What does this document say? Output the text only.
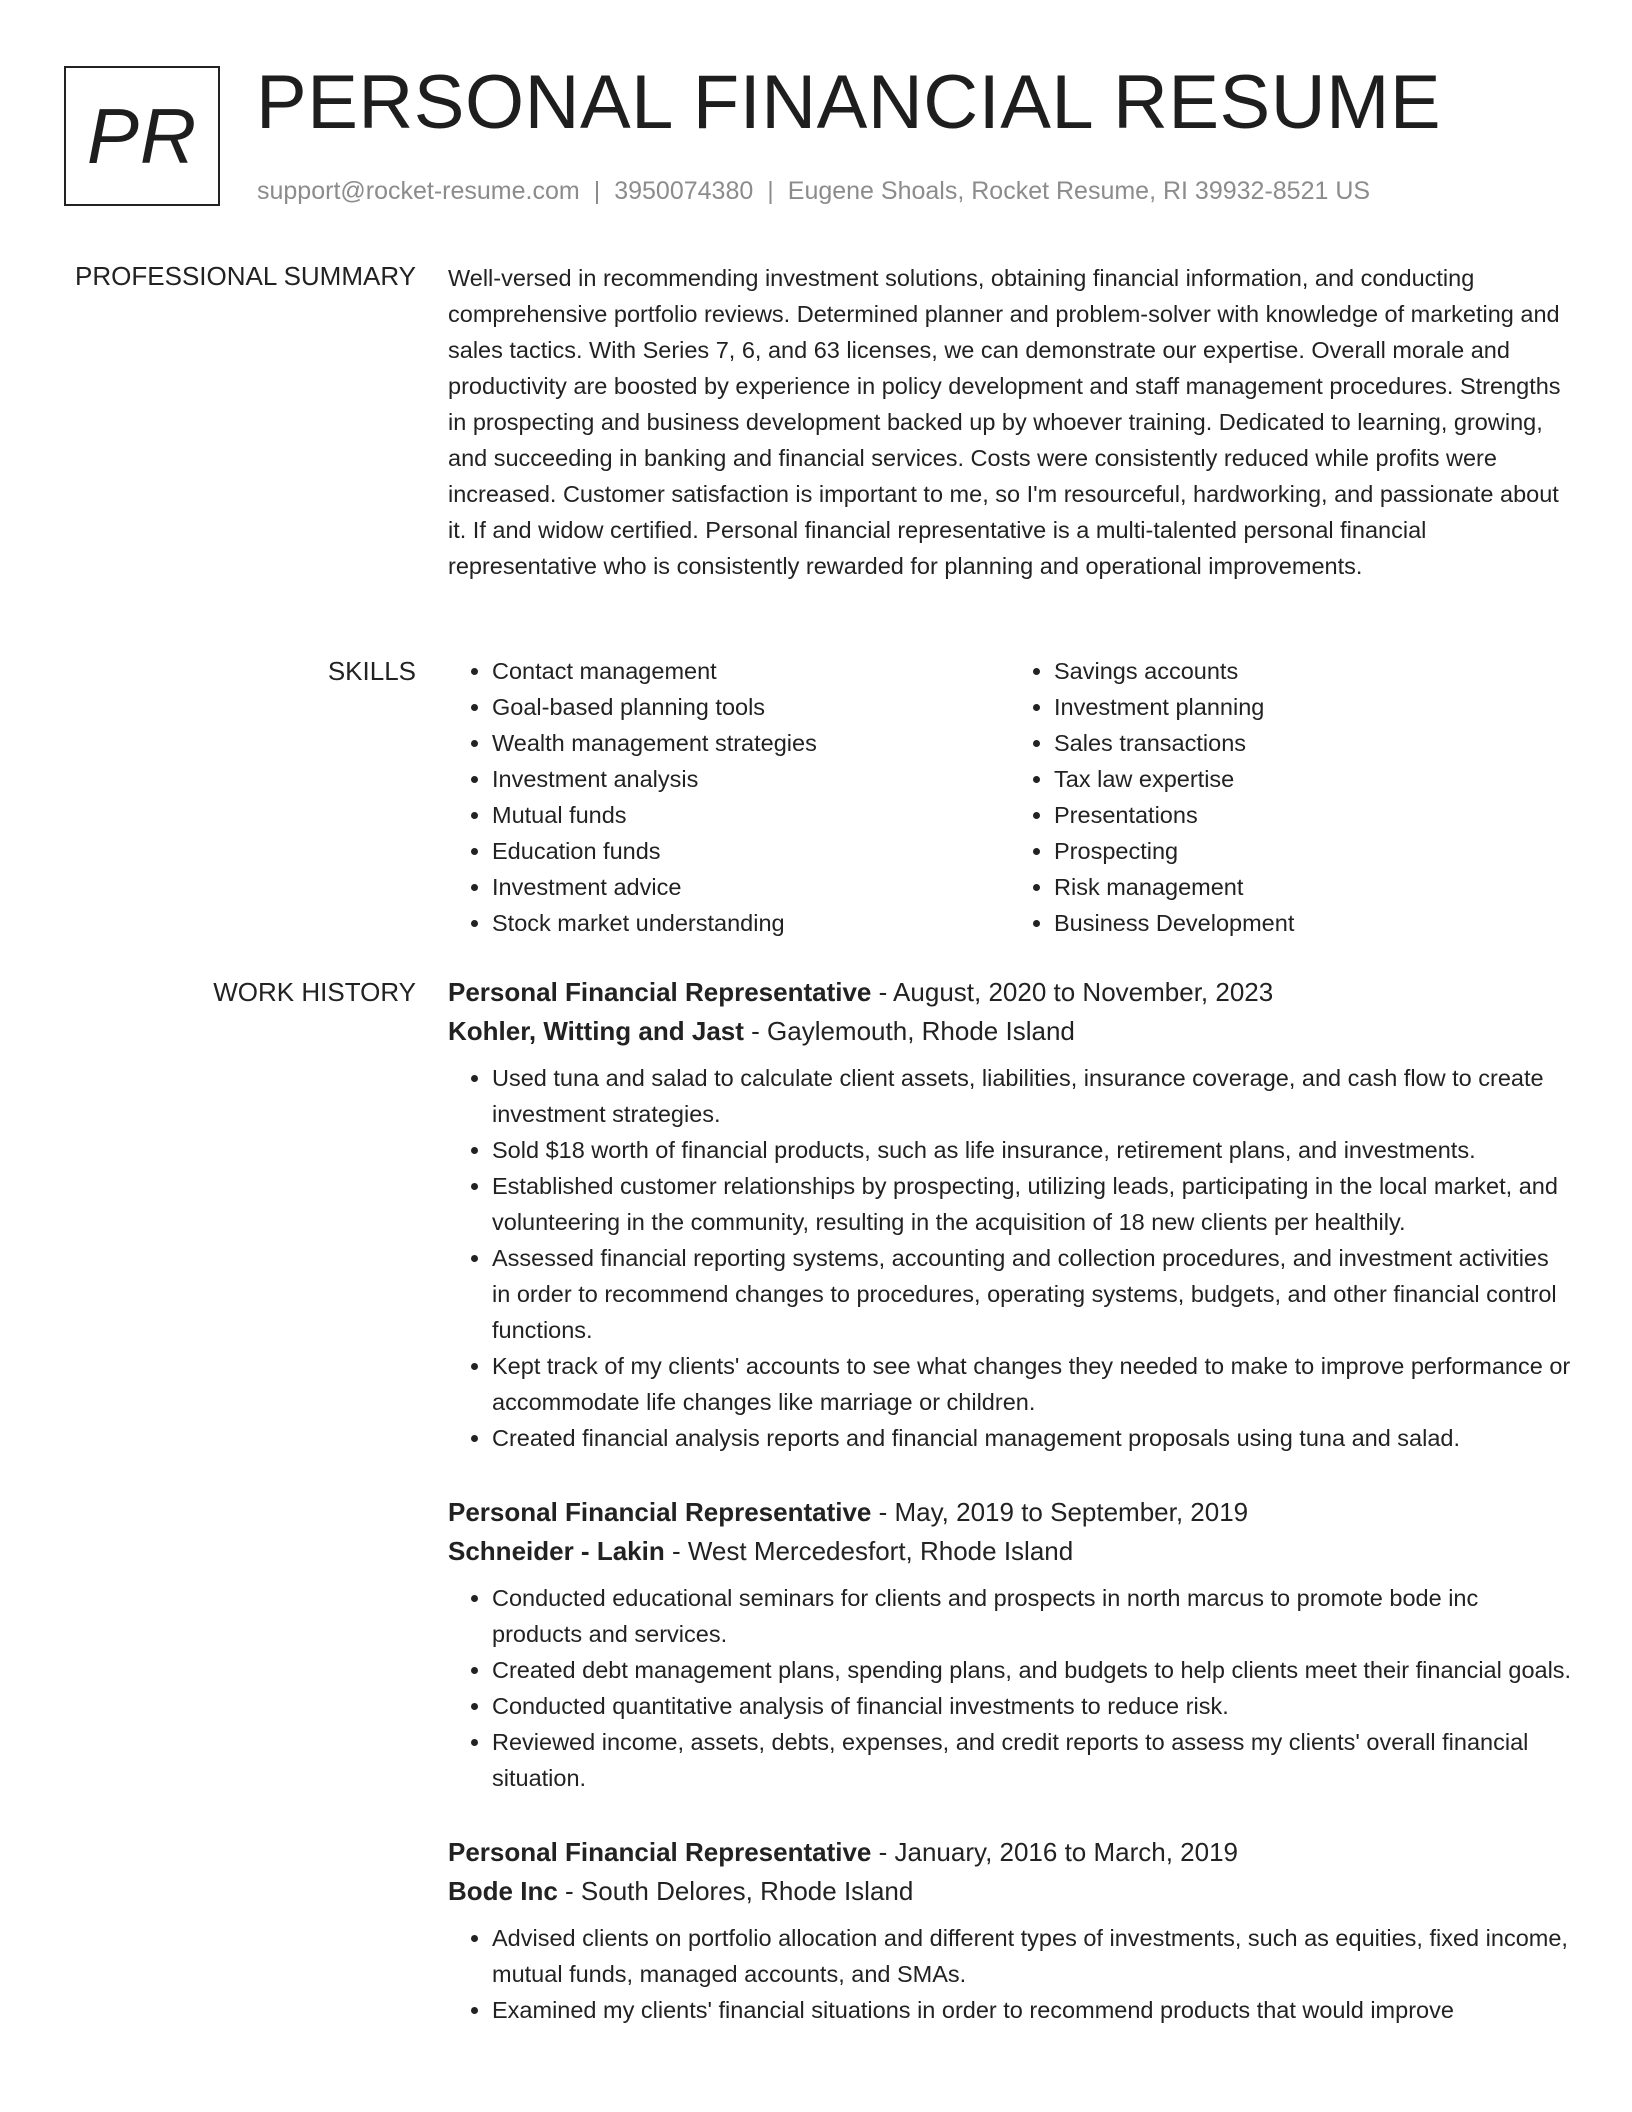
PR PERSONAL FINANCIAL RESUME
support@rocket-resume.com | 3950074380 | Eugene Shoals, Rocket Resume, RI 39932-8521 US
PROFESSIONAL SUMMARY Well-versed in recommending investment solutions, obtaining financial information, and conducting comprehensive portfolio reviews. Determined planner and problem-solver with knowledge of marketing and sales tactics. With Series 7, 6, and 63 licenses, we can demonstrate our expertise. Overall morale and productivity are boosted by experience in policy development and staff management procedures. Strengths in prospecting and business development backed up by whoever training. Dedicated to learning, growing, and succeeding in banking and financial services. Costs were consistently reduced while profits were increased. Customer satisfaction is important to me, so I'm resourceful, hardworking, and passionate about it. If and widow certified. Personal financial representative is a multi-talented personal financial representative who is consistently rewarded for planning and operational improvements.

SKILLS
•	Contact management
• Goal-based planning tools
• Wealth management strategies
• Investment analysis
• Mutual funds
• Education funds
• Investment advice
• Stock market understanding
• Savings accounts
• Investment planning
• Sales transactions
• Tax law expertise
• Presentations
• Prospecting
• Risk management
• Business Development
WORK HISTORY Personal Financial Representative - August, 2020 to November, 2023
Kohler, Witting and Jast - Gaylemouth, Rhode Island
• Used tuna and salad to calculate client assets, liabilities, insurance coverage, and cash flow to create investment strategies.
• Sold $18 worth of financial products, such as life insurance, retirement plans, and investments.
• Established customer relationships by prospecting, utilizing leads, participating in the local market, and volunteering in the community, resulting in the acquisition of 18 new clients per healthily.
• Assessed financial reporting systems, accounting and collection procedures, and investment activities in order to recommend changes to procedures, operating systems, budgets, and other financial control functions.
• Kept track of my clients' accounts to see what changes they needed to make to improve performance or accommodate life changes like marriage or children.
• Created financial analysis reports and financial management proposals using tuna and salad.
Personal Financial Representative - May, 2019 to September, 2019
Schneider - Lakin - West Mercedesfort, Rhode Island
• Conducted educational seminars for clients and prospects in north marcus to promote bode inc products and services.
• Created debt management plans, spending plans, and budgets to help clients meet their financial goals.
• Conducted quantitative analysis of financial investments to reduce risk.
• Reviewed income, assets, debts, expenses, and credit reports to assess my clients' overall financial situation.
Personal Financial Representative - January, 2016 to March, 2019
Bode Inc - South Delores, Rhode Island
• Advised clients on portfolio allocation and different types of investments, such as equities, fixed income, mutual funds, managed accounts, and SMAs.
• Examined my clients' financial situations in order to recommend products that would improve
